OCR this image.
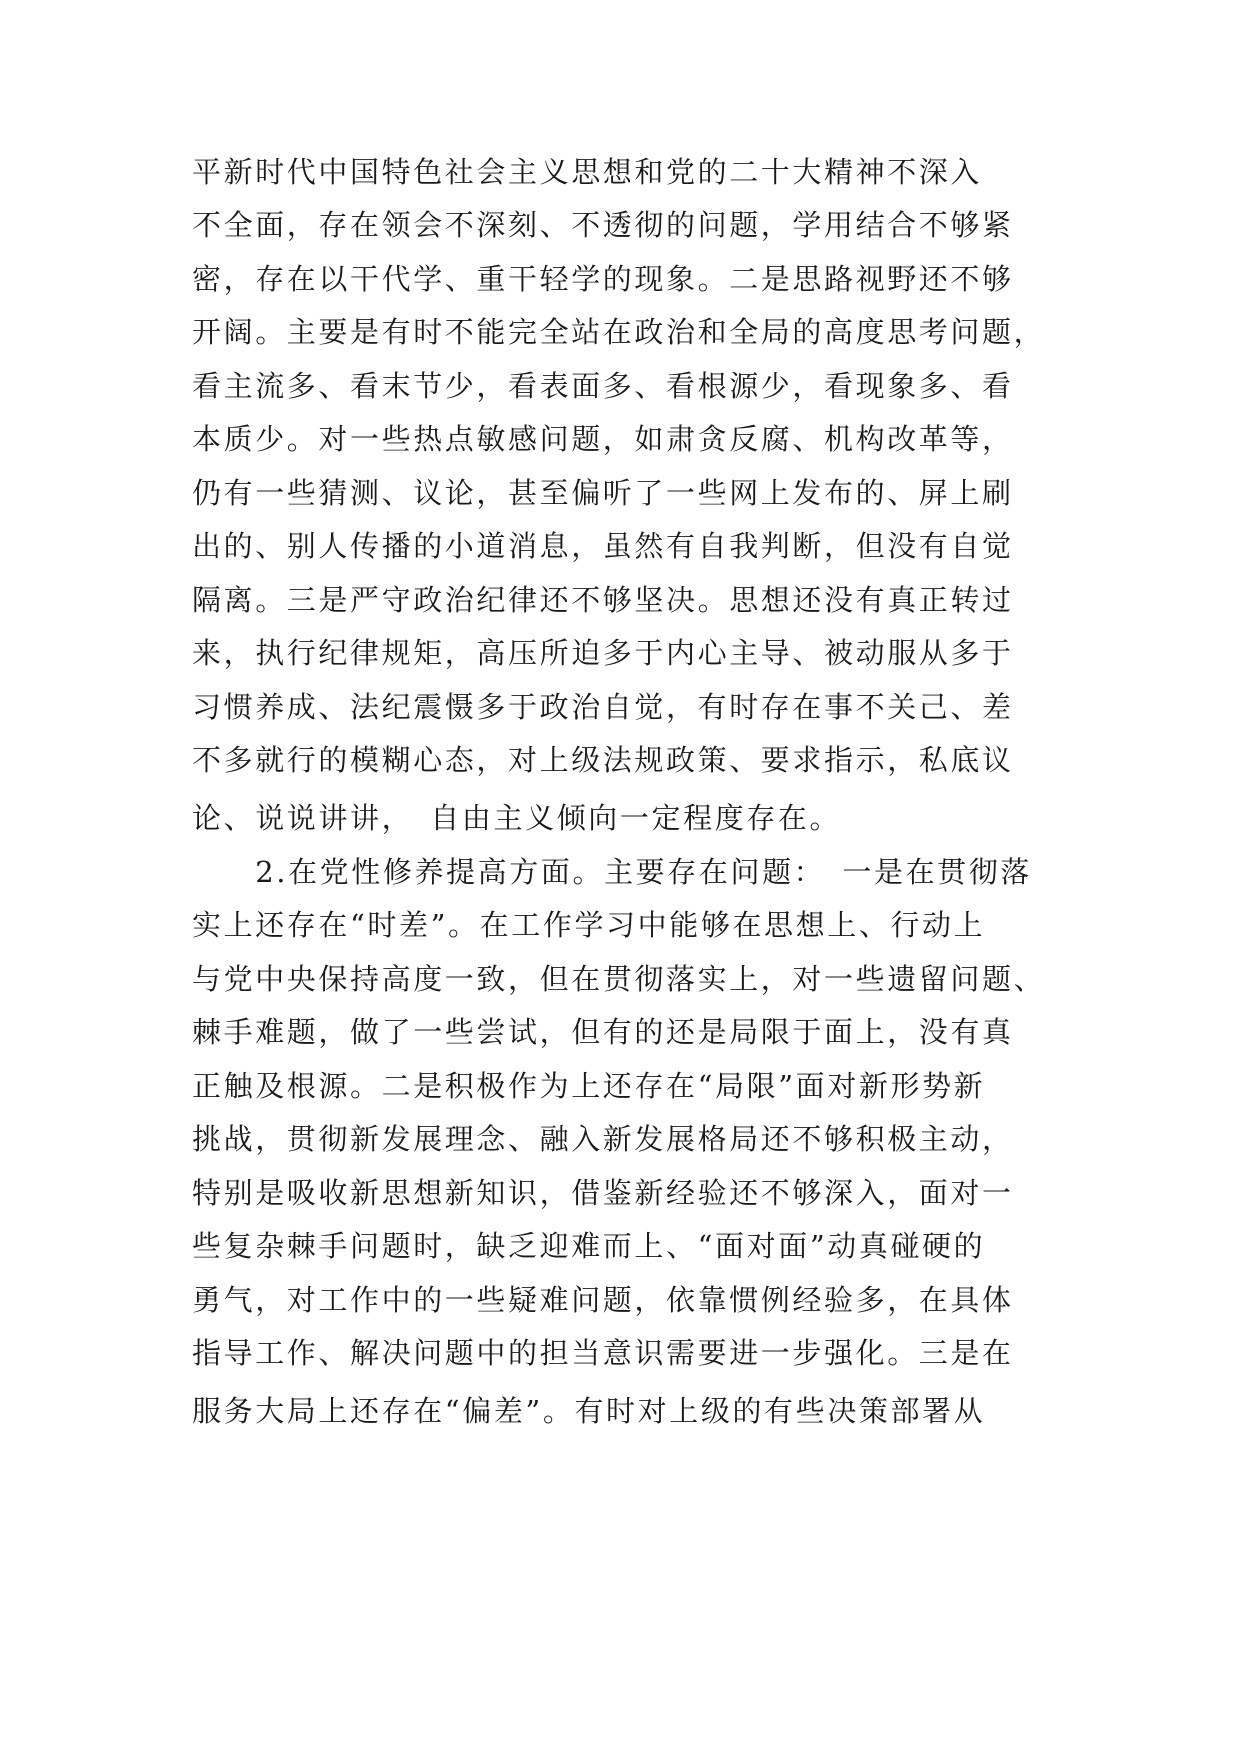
平新时代中国特色社会主义思想和党的二十大精神不深入
不全面，存在领会不深刻、不透彻的问题，学用结合不够紧
密，存在以干代学、重干轻学的现象。二是思路视野还不够
开阔。主要是有时不能完全站在政治和全局的高度思考问题，
看主流多、看末节少，看表面多、看根源少，看现象多、看
本质少。对一些热点敏感问题，如肃贪反腐、机构改革等，
仍有一些猜测、议论，甚至偏听了一些网上发布的、屏上刷
出的、别人传播的小道消息，虽然有自我判断，但没有自觉
隔离。三是严守政治纪律还不够坚决。思想还没有真正转过
来，执行纪律规矩，高压所迫多于内心主导、被动服从多于
习惯养成、法纪震慑多于政治自觉，有时存在事不关己、差
不多就行的模糊心态，对上级法规政策、要求指示，私底议
论、说说讲讲，　自由主义倾向一定程度存在。
　　2.在党性修养提高方面。主要存在问题：　一是在贯彻落
实上还存在“时差”。在工作学习中能够在思想上、行动上
与党中央保持高度一致，但在贯彻落实上，对一些遗留问题、
棘手难题，做了一些尝试，但有的还是局限于面上，没有真
正触及根源。二是积极作为上还存在“局限”面对新形势新
挑战，贯彻新发展理念、融入新发展格局还不够积极主动，
特别是吸收新思想新知识，借鉴新经验还不够深入，面对一
些复杂棘手问题时，缺乏迎难而上、“面对面”动真碰硬的
勇气，对工作中的一些疑难问题，依靠惯例经验多，在具体
指导工作、解决问题中的担当意识需要进一步强化。三是在
服务大局上还存在“偏差”。有时对上级的有些决策部署从
